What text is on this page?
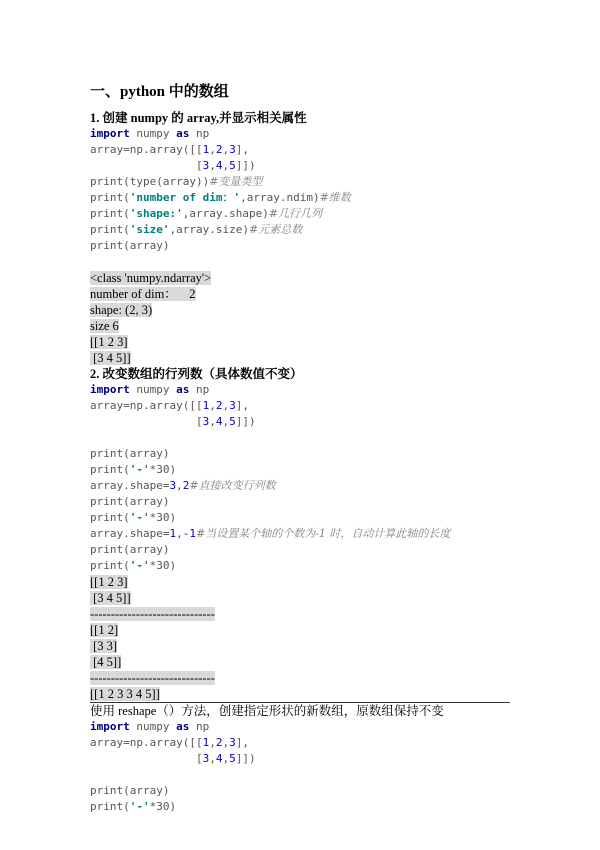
一、python 中的数组
1. 创建 numpy 的 array,并显示相关属性
import numpy as np
array=np.array([[1,2,3],
[3,4,5]])
print(type(array))#变量类型
print('number of dim：',array.ndim)#维数
print('shape:',array.shape)#几行几列
print('size',array.size)#元素总数
print(array)
<class 'numpy.ndarray'>
number of dim：    2
shape: (2, 3)
size 6
[[1 2 3]
[3 4 5]]
2. 改变数组的行列数（具体数值不变）
import numpy as np
array=np.array([[1,2,3],
[3,4,5]])
print(array)
print('-'*30)
array.shape=3,2#直接改变行列数
print(array)
print('-'*30)
array.shape=1,-1#当设置某个轴的个数为-1 时，自动计算此轴的长度
print(array)
print('-'*30)
[[1 2 3]
[3 4 5]]
------------------------------
[[1 2]
[3 3]
[4 5]]
------------------------------
[[1 2 3 3 4 5]]
使用 reshape（）方法，创建指定形状的新数组，原数组保持不变
import numpy as np
array=np.array([[1,2,3],
[3,4,5]])
print(array)
print('-'*30)
